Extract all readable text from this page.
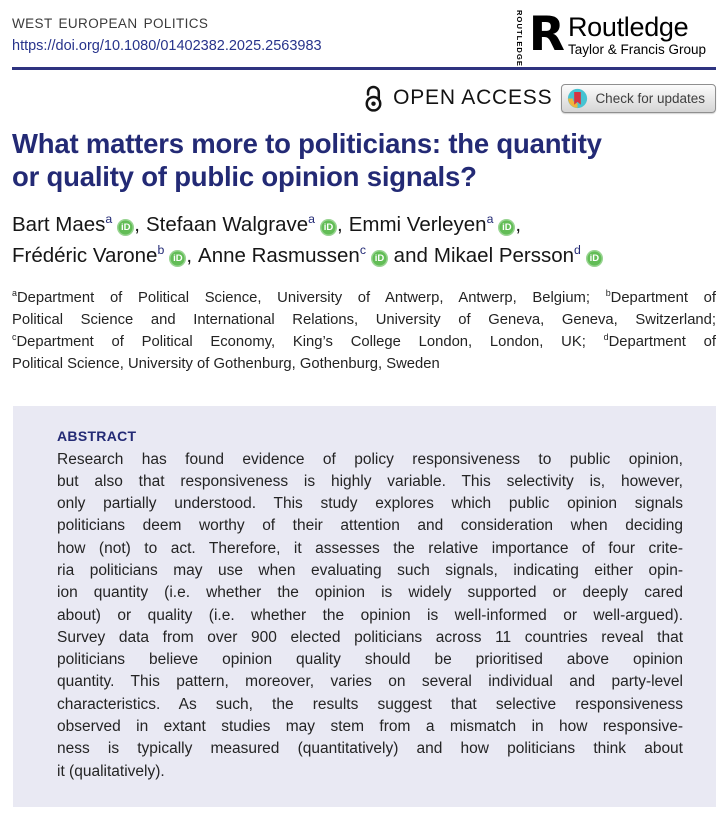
WEST EUROPEAN POLITICS
https://doi.org/10.1080/01402382.2025.2563983	ROUTLEDGE R Routledge
Taylor & Francis Group
OPEN ACCESS	Check for updates
What matters more to politicians: the quantity
or quality of public opinion signals?
Bart Maes$^a$iD , Stefaan Walgrave$^a$iD , Emmi Verleyen$^a$iD ,
Frédéric Varone$^b$iD , Anne Rasmussen$^c$iD and Mikael Persson$^d$iD
$^a$Department of Political Science, University of Antwerp, Antwerp, Belgium; $^b$Department of
Political Science and International Relations, University of Geneva, Geneva, Switzerland;
$^c$Department of Political Economy, King’s College London, London, UK; $^d$Department of
Political Science, University of Gothenburg, Gothenburg, Sweden
ABSTRACT
Research has found evidence of policy responsiveness to public opinion,
but also that responsiveness is highly variable. This selectivity is, however,
only partially understood. This study explores which public opinion signals
politicians deem worthy of their attention and consideration when deciding
how (not) to act. Therefore, it assesses the relative importance of four crite-
ria politicians may use when evaluating such signals, indicating either opin-
ion quantity (i.e. whether the opinion is widely supported or deeply cared
about) or quality (i.e. whether the opinion is well-informed or well-argued).
Survey data from over 900 elected politicians across 11 countries reveal that
politicians believe opinion quality should be prioritised above opinion
quantity. This pattern, moreover, varies on several individual and party-level
characteristics. As such, the results suggest that selective responsiveness
observed in extant studies may stem from a mismatch in how responsive-
ness is typically measured (quantitatively) and how politicians think about
it (qualitatively).
